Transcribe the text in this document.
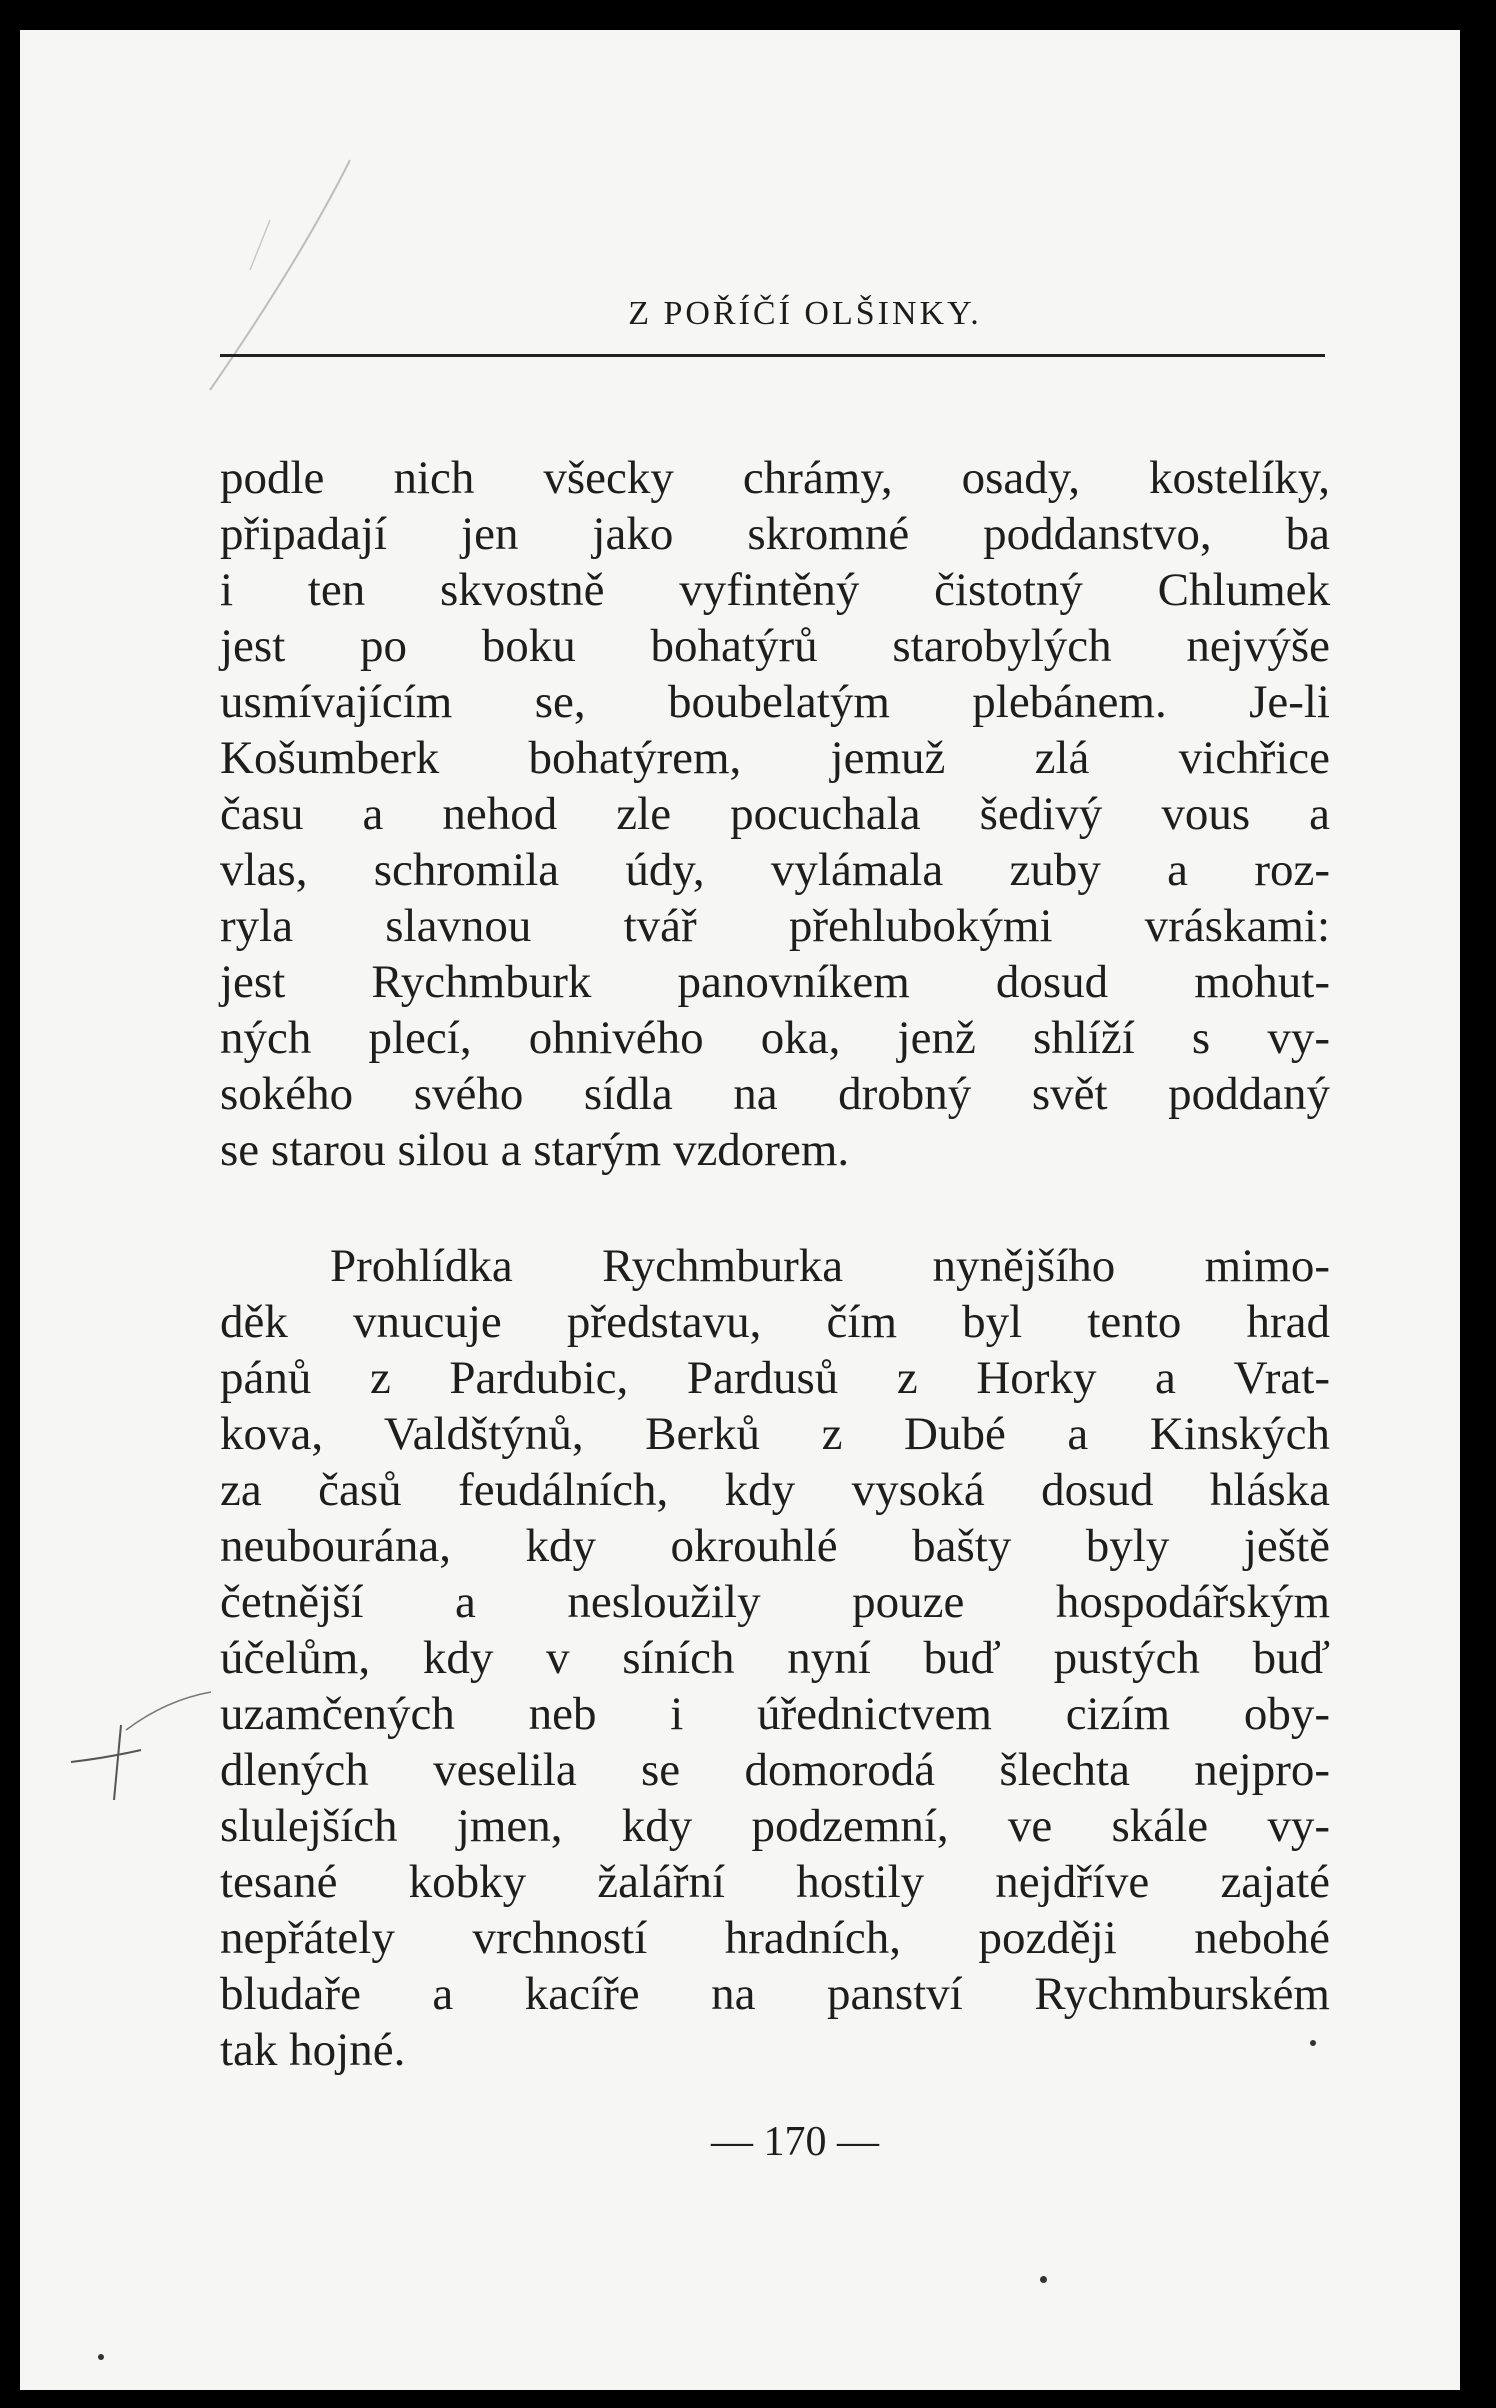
Z POŘÍČÍ OLŠINKY.
podle nich všecky chrámy, osady, kostelíky,
připadají jen jako skromné poddanstvo, ba
i ten skvostně vyfintěný čistotný Chlumek
jest po boku bohatýrů starobylých nejvýše
usmívajícím se, boubelatým plebánem. Je-li
Košumberk bohatýrem, jemuž zlá vichřice
času a nehod zle pocuchala šedivý vous a
vlas, schromila údy, vylámala zuby a roz-
ryla slavnou tvář přehlubokými vráskami:
jest Rychmburk panovníkem dosud mohut-
ných plecí, ohnivého oka, jenž shlíží s vy-
sokého svého sídla na drobný svět poddaný
se starou silou a starým vzdorem.
Prohlídka Rychmburka nynějšího mimo-
děk vnucuje představu, čím byl tento hrad
pánů z Pardubic, Pardusů z Horky a Vrat-
kova, Valdštýnů, Berků z Dubé a Kinských
za časů feudálních, kdy vysoká dosud hláska
neubourána, kdy okrouhlé bašty byly ještě
četnější a nesloužily pouze hospodářským
účelům, kdy v síních nyní buď pustých buď
uzamčených neb i úřednictvem cizím oby-
dlených veselila se domorodá šlechta nejpro-
slulejších jmen, kdy podzemní, ve skále vy-
tesané kobky žalářní hostily nejdříve zajaté
nepřátely vrchností hradních, později nebohé
bludaře a kacíře na panství Rychmburském
tak hojné.
— 170 —
